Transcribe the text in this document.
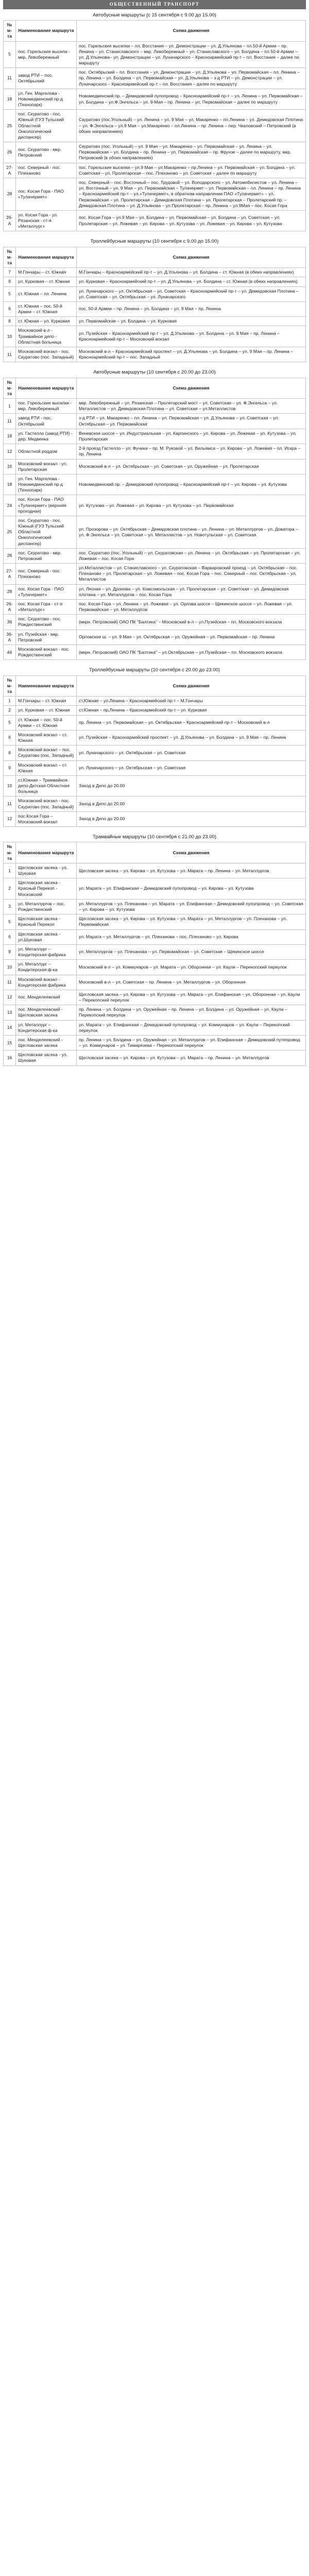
ОБЩЕСТВЕННЫЙ ТРАНСПОРТ
Автобусные маршруты (с 15 сентября с 9.00 до 15.00)
№ м-та	Наименование маршрута	Схема движения
5	пос. Горельские высели - мкр. Левобережный	пос. Горельские выселки – пл. Восстания – ул. Демонстрации – ул. Д.Ульянова – пл.50-й Армии – пр. Ленина – ул. Станиславского – мкр. Левобережный – ул. Станиславского – ул. Болдина – пл.50-й Армии – ул. Д.Ульянова– ул. Демонстрации – ул. Луначарского – Красноармейский пр-т – пл. Восстания – далее по маршруту
11	завод РТИ – пос. Октябрьский	пос. Октябрьский – пл. Восстания – ул. Демонстрации – ул. Д.Ульянова – ул. Первомайская – пл. Ленина – пр. Ленина – ул. Болдина – ул. Первомайская – ул. Д.Ульянова – з-д РТИ – ул. Демонстрации – ул. Луначарского – Красноармейский пр-т – пл. Восстания – далее по маршруту
18	ул. Ген. Маргелова - Новомедвенский пр-д (Технопарк)	Новомедвенский пр. – Демидовский пупопровод – Красноармейский пр-т – ул. Ленина – ул. Первомайская – ул. Болдина – ул.Ф.Энгельса – ул. 9-Мая – пр. Ленина – ул. Первомайская – далее по маршруту
25	пос. Скуратово - пос. Южный (ГУЗ Тульский Областной Онкологический диспансер)	Скуратово (пос.Угольный) – ул. Ленина – ул. 9 Мая – ул. Макаренко – пл.Ленина – ул. Демидовская Плотина – ул. Ф.Энгельса – ул.9 Мая – ул.Макаренко – пл.Ленина – пр. Ленина – пер. Чкаловский – Петровский (в обоих направлениях)
26	пос. Скуратово - мкр. Петровский	Скуратово (пос. Угольный) – ул. 9 Мая – ул. Макаренко – ул. Первомайская – ул. Ленина – ул. Первомайская – ул. Болдина – пр. Ленина – ул. Первомайская – пр. Фрунзе – далее по маршруту, мкр. Петровский (в обоих направлениях)
27-А	пос. Северный - пос. Плеханово	пос. Горельские выселки – ул.9 Мая – ул.Макаренко – пр.Ленина – ул. Первомайская – ул. Болдина – ул. Советская – ул. Пролетарская – пос. Плеханово – ул. Советская – далее по маршруту
28	пос. Косая Гора - ПАО «Тулачермет»	пос. Северный – пос. Восточный – пос. Трудовой – ул. Володарского – ул. Автомобилистов – ул. Ленина – ул. Восточный – ул. 9 Мая – ул. Первомайская – Тулачермет – ул. Первомайская – пл. Ленина – пр. Ленина – Красноармейский пр-т – ул.«Тулачермет», в обратном направлении ПАО «Тулачермет» – ул. Первомайская – ул. Пролетарская – Демидовская Плотина – ул. Пролетарская – Пролетарский пр. – Демидовская Плотина – ул. Д.Ульянова – ул.Пролетарская – пр. Ленина – ул.9Мая – пос. Косая Гора
26-А	ул. Косая Гора - ул. Рязанская - ст-я «Металлург»	пос. Косая Гора – ул.9 Мая – ул. Болдина – ул. Первомайская – ул. Болдина – ул. Советская – ул. Пролетарская – ул. Ложевая – ул. Кирова – ул. Кутузова – ул. Ложевая – ул. Кирова – ул. Кутузова
Троллейбусные маршруты (10 сентября с 9.00 до 15.00)
№ м-та	Наименование маршрута	Схема движения
7	М.Гончары – ст. Южная	М.Гончары – Красноармейский пр-т – ул. Д.Ульянова – ул. Болдина – ст. Южная (в обеих направлениях)
9	ул. Курковая – ст. Южная	ул. Курковая – Красноармейский пр-т – ул. Д.Ульянова – ул. Болдина – ст. Южная (в обеих направлениях)
5	ст. Южная – пл. Ленина	ул. Луначарского – ул. Октябрьская – ул. Советская – Красноармейский пр-т – ул. Демидовская Плотина – ул. Советская – ул. Октябрьская – ул. Луначарского
6	ст. Южная – пос. 50-й Армии – ст. Южная	пос. 50-й Армии – пр. Ленина – ул. Болдина – ул. 9 Мая – пр. Ленина
8	ст. Южная – ул. Курковая	ул. Первомайская – ул. Болдина – ул. Курковая
10	Московский в-л - Трамвайное депо - Областная больница	ул. Пузейская – Красноармейский пр-т – ул. Д.Ульянова – ул. Болдина – ул. 9 Мая – пр. Ленина – Красноармейский пр-т – Московский вокзал
11	Московский вокзал - пос. Скуратово (пос. Западный)	Московский в-л – Красноармейский проспект – ул. Д.Ульянова – ул. Болдина – ул. 9 Мая – пр. Ленина – Красноармейский пр-т – пос. Западный
Автобусные маршруты (10 сентября с 20.00 до 23.00)
№ м-та	Наименование маршрута	Схема движения
1	пос. Горельские выселки - мкр. Левобережный	мкр. Левобережный – ул. Рязанская – Пролетарский мост – ул. Советская – ул. Ф.Энгельса – ул. Металлистов – ул. Демидовская Плотина – ул. Советская – ул.Металлистов
11	завод РТИ - пос. Октябрьский	з-д РТИ – ул. Макаренко – пл. Ленина – ул. Первомайская – ул. Д.Ульянова – ул. Советская – ул. Октябрьская – ул. Первомайская
18	ул. Гастелло (завод РТИ) - дер. Медвенка	Веневское шоссе – ул. Индустриальная – ул. Карпинского – ул. Кирова – ул. Ложевая – ул. Кутузова – ул. Пролетарская
12	Областной роддом	2-й проезд Гастелло – ул. Фучика – пр. М. Руковой – ул. Вильямса – ул. Кирова – ул. Ложевая – пл. Искра – пр. Ленина
16	Московский вокзал - ул. Пролетарская	Московский в-л – ул. Октябрьская – ул. Советская – ул. Оружейная – ул. Пролетарская
18	ул. Ген. Маргелова - Новомедвенский пр-д (Технопарк)	Новомедвенский пр. – Демидовский пупопровод – Красноармейский пр-т – ул. Кирова – ул. Кутузова
24	пос. Косая Гора - ПАО «Тулачермет» (верхняя проходная)	ул. Кутузова – ул. Ложевая – ул. Кирова – ул. Кутузова – ул. Первомайская
25	пос. Скуратово - пос. Южный (ГУЗ Тульский Областной Онкологический диспансер)	ул. Прозорова – ул. Октябрьская – Демидовская плотина – ул. Ленина – ул. Металлургов – ул. Доватора – ул. Ф.Энгельса – ул. Советская – ул. Металлистов – ул. Новотульская – ул. Советская
26	пос. Скуратово - мкр. Петровский	пос. Скуратово (пос. Угольный) – ул. Скуратовская – ул. Ленина – ул. Октябрьская – ул. Пролетарская – ул. Ложевая – пос. Косая Гора
27-А	пос. Северный - пос. Плеханово	ул.Металлистов – ул. Станиславского – ул. Скуратовская – Варваровский проезд – ул. Октябрьская – пос. Плеханово – ул. Пролетарская – ул. Ложевая – пос. Косая Гора – пос. Северный – пос. Октябрьская – ул. Металлистов
28	пос. Косая Гора - ПАО «Тулачермет»	ул. Лясная – ул. Дронова – ул. Комсомольская – ул. Пролетарская – ул. Советская – ул. Демидовская плотина – ул. Металлургов – пос. Косая Гора
26-А	пос. Косая Гора - ст-я «Металлург»	пос. Косая Гора – ул. Ленина – ул. Ложевая – ул. Орлова шоссе – Щекинское шоссе – ул. Ложевая – ул. Первомайская – ул. Металлургов
36	пос. Скуратово - пос. Рождественский	(мкрн. Петровский) ОАО ПК "Балтика" – Московский в-л – ул.Пузейская – пл. Московского вокзала
36-А	ул. Пузейская - мкр. Петровский	Орловское ш. – ул. 9 Мая – ул. Октябрьская – ул. Оружейная – ул. Первомайская – пр. Ленина
44	Московский вокзал - пос. Рождественский	(мкрн. Петровский) ОАО ПК "Балтика" – ул.Октябрьская – ул.Пузейская – пл. Московского вокзала
Троллейбусные маршруты (10 сентября с 20.00 до 23.00)
№ м-та	Наименование маршрута	Схема движения
1	М.Гончары – ст. Южная	ст.Южная – ул.Ленина – Красноармейский пр-т – М.Гончары
2	ул. Курковая – ст. Южная	ст.Южная – пр.Ленина – Красноармейский пр-т – ул. Курковая
5	ст. Южная – пос. 50-й Армии – ст. Южная	пр. Ленина – ул. Первомайская – ул. Октябрьская – Красноармейский пр-т – Московский в-л
6	Московский вокзал – ст. Южная	ул. Пузейская – Красноармейский проспект – ул. Д.Ульянова – ул. Болдина – ул. 9 Мая – пр. Ленина
8	Московский вокзал – пос. Скуратово (пос. Западный)	ул. Луначарского – ул. Октябрьская – ул. Советская
9	Московский вокзал – ст. Южная	ул. Луначарского – ул. Октябрьская – ул. Советская
10	ст.Южная – Трамвайное депо-Детская Областная больница	Заход в Депо до 20.00
11	Московский вокзал - пос. Скуратово (пос. Западный)	Заход в Депо до 20.00
12	пос.Косая Гора – Московский вокзал	Заход в Депо до 20.00
Трамвайные маршруты (10 сентября с 21.00 до 23.00)
№ м-та	Наименование маршрута	Схема движения
1	Щегловская засека - ул. Шуковая	Щегловская засека – ул. Кирова – ул. Кутузова – ул. Марата – пр. Ленина – ул. Металлургов
2	Щегловская засека - Красный Перекоп - Московский	ул. Марата – ул. Епифанская – Демидовский пупопровод – ул. Кирова – ул. Кутузова
3	ул. Металлургов – пос. Рождественский	ул. Металлургов – ул. Плеханова – ул. Марата – ул. Епифанская – Демидовский пупопровод – ул. Советская – ул. Кирова – ул. Кутузова
5	Щегловская засека - Красный Перекоп	Щегловская засека – ул. Кирова – ул. Кутузова – ул. Марата – ул. Металлургов – ул. Плеханова – ул. Первомайская
6	Щегловская засека - ул.Шуковая	ул. Марата – ул. Металлургов – ул. Плеханова – пос. Плеханово – ул. Кирова
9	ул. Металлург – Кондитерская фабрика	ул. Металлургов – ул. Плеханова – ул. Первомайская – ул. Советская – Щекинское шоссе
10	ул. Металлург – Кондитерская ф-ка	Московский в-л – ул. Коммунаров – ул. Марата – ул. Оборонная – ул. Каули – Перекопский переулок
11	Московский вокзал - Кондитерская фабрика	Московский в-л – ул. Советская – пр. Ленина – ул. Металлургов – ул. Оборонная
12	пос. Менделеевский	Щегловская засека – ул. Кирова – ул. Кутузова – ул. Марата – ул. Епифанская – ул. Оборонная – ул. Каули – Перекопский переулок
13	пос. Менделеевский - Щегловская засека	пр. Ленина – ул. Болдина – ул. Оружейная – пр. Ленина – ул. Болдина – ул. Оружейная – ул. Каули – Перекопский переулок
14	ул. Металлург – Кондитерская ф-ка	ул. Марата – ул. Епифанская – Демидовский пупопровод – ул. Коммунаров – ул. Каули – Перекопский переулок
15	пос. Менделеевский - Щегловская засека	пр. Ленина – ул. Болдина – ул. Оружейная – ул. Металлургов – ул. Епифанская – Демидовский путепровод – ул. Коммунаров – ул. Тимирязева – Перекопский переулок
16	Щегловская засека - ул. Шуковая	Щегловская засека – ул. Кирова – ул. Кутузова – ул. Марата – пр. Ленина – ул. Металлургов
